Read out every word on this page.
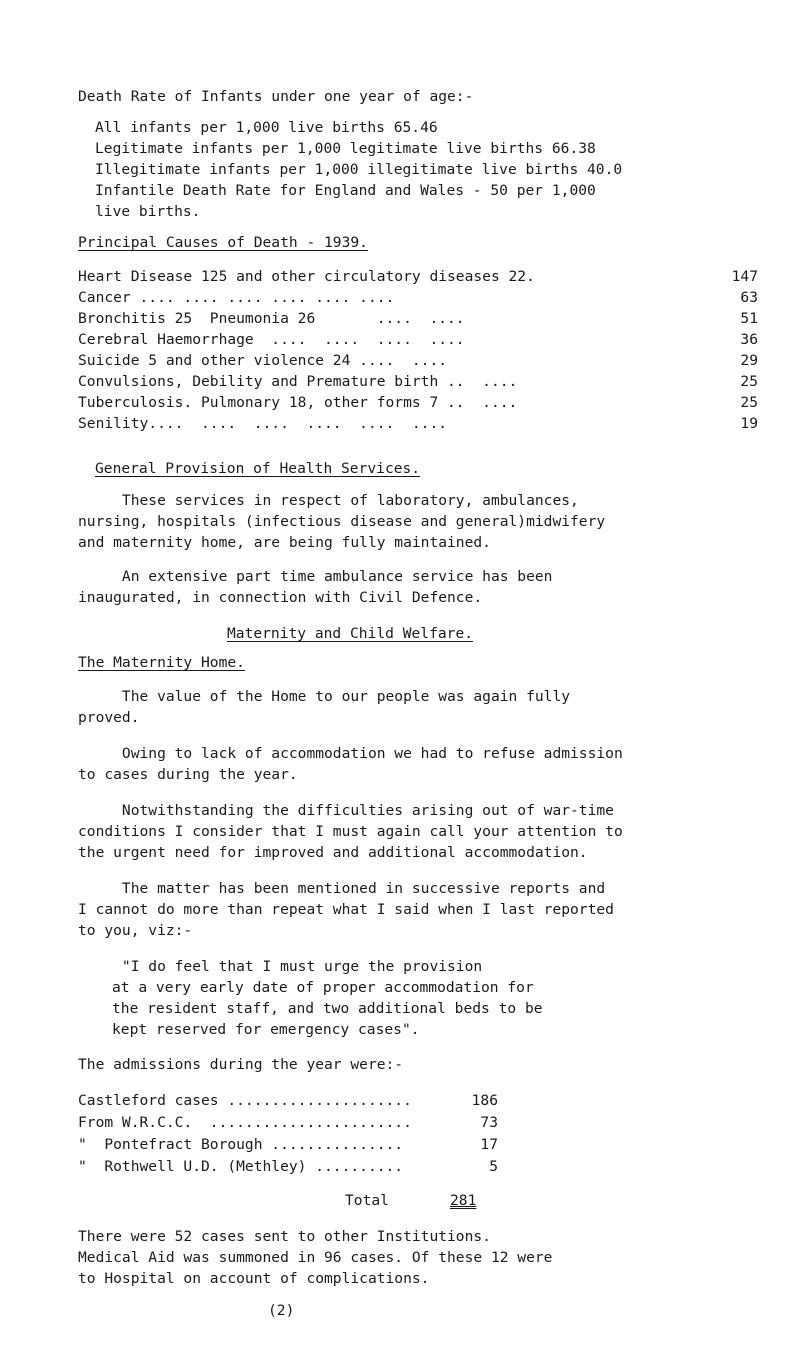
Death Rate of Infants under one year of age:-
All infants per 1,000 live births 65.46
Legitimate infants per 1,000 legitimate live births 66.38
Illegitimate infants per 1,000 illegitimate live births 40.0
Infantile Death Rate for England and Wales - 50 per 1,000
live births.
Principal Causes of Death - 1939.
Heart Disease 125 and other circulatory diseases 22.	147
Cancer .... .... .... .... .... ....	63
Bronchitis 25  Pneumonia 26       ....  ....	51
Cerebral Haemorrhage  ....  ....  ....  ....	36
Suicide 5 and other violence 24 ....  ....	29
Convulsions, Debility and Premature birth ..  ....	25
Tuberculosis. Pulmonary 18, other forms 7 ..  ....	25
Senility....  ....  ....  ....  ....  ....	19
General Provision of Health Services.
These services in respect of laboratory, ambulances,
nursing, hospitals (infectious disease and general)midwifery
and maternity home, are being fully maintained.
An extensive part time ambulance service has been
inaugurated, in connection with Civil Defence.
Maternity and Child Welfare.
The Maternity Home.
The value of the Home to our people was again fully
proved.
Owing to lack of accommodation we had to refuse admission
to cases during the year.
Notwithstanding the difficulties arising out of war-time
conditions I consider that I must again call your attention to
the urgent need for improved and additional accommodation.
The matter has been mentioned in successive reports and
I cannot do more than repeat what I said when I last reported
to you, viz:-
"I do feel that I must urge the provision
at a very early date of proper accommodation for
the resident staff, and two additional beds to be
kept reserved for emergency cases".
The admissions during the year were:-
Castleford cases .....................	186
From W.R.C.C.  .......................	73
"  Pontefract Borough ...............	17
"  Rothwell U.D. (Methley) ..........	5
Total	281
There were 52 cases sent to other Institutions.
Medical Aid was summoned in 96 cases. Of these 12 were
to Hospital on account of complications.
(2)
